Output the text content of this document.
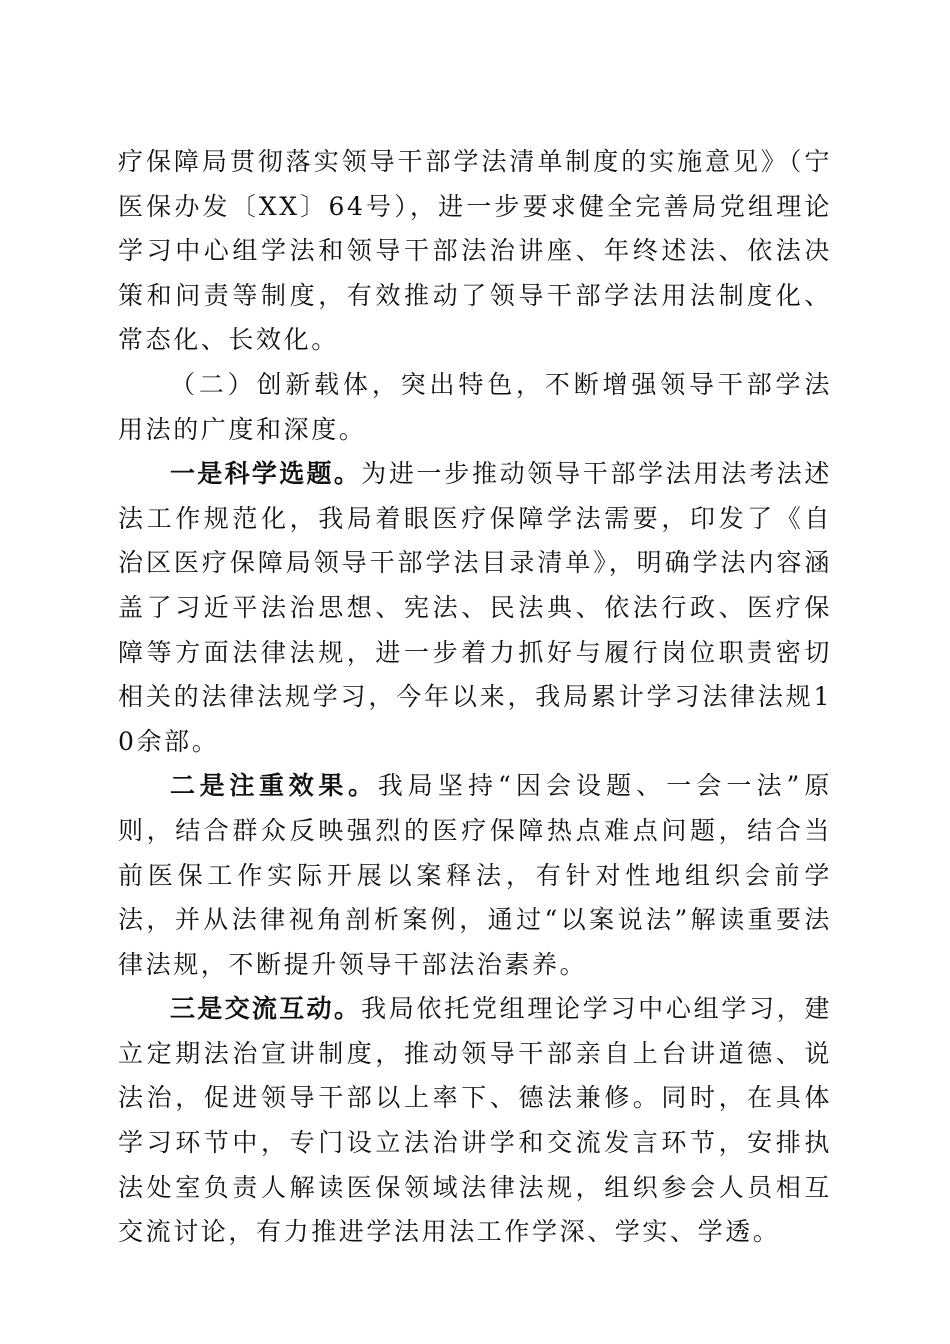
疗保障局贯彻落实领导干部学法清单制度的实施意见》（宁医保办发〔XX〕64号），进一步要求健全完善局党组理论学习中心组学法和领导干部法治讲座、年终述法、依法决策和问责等制度，有效推动了领导干部学法用法制度化、常态化、长效化。

（二）创新载体，突出特色，不断增强领导干部学法用法的广度和深度。

一是科学选题。为进一步推动领导干部学法用法考法述法工作规范化，我局着眼医疗保障学法需要，印发了《自治区医疗保障局领导干部学法目录清单》，明确学法内容涵盖了习近平法治思想、宪法、民法典、依法行政、医疗保障等方面法律法规，进一步着力抓好与履行岗位职责密切相关的法律法规学习，今年以来，我局累计学习法律法规10余部。

二是注重效果。我局坚持“因会设题、一会一法”原则，结合群众反映强烈的医疗保障热点难点问题，结合当前医保工作实际开展以案释法，有针对性地组织会前学法，并从法律视角剖析案例，通过“以案说法”解读重要法律法规，不断提升领导干部法治素养。

三是交流互动。我局依托党组理论学习中心组学习，建立定期法治宣讲制度，推动领导干部亲自上台讲道德、说法治，促进领导干部以上率下、德法兼修。同时，在具体学习环节中，专门设立法治讲学和交流发言环节，安排执法处室负责人解读医保领域法律法规，组织参会人员相互交流讨论，有力推进学法用法工作学深、学实、学透。
